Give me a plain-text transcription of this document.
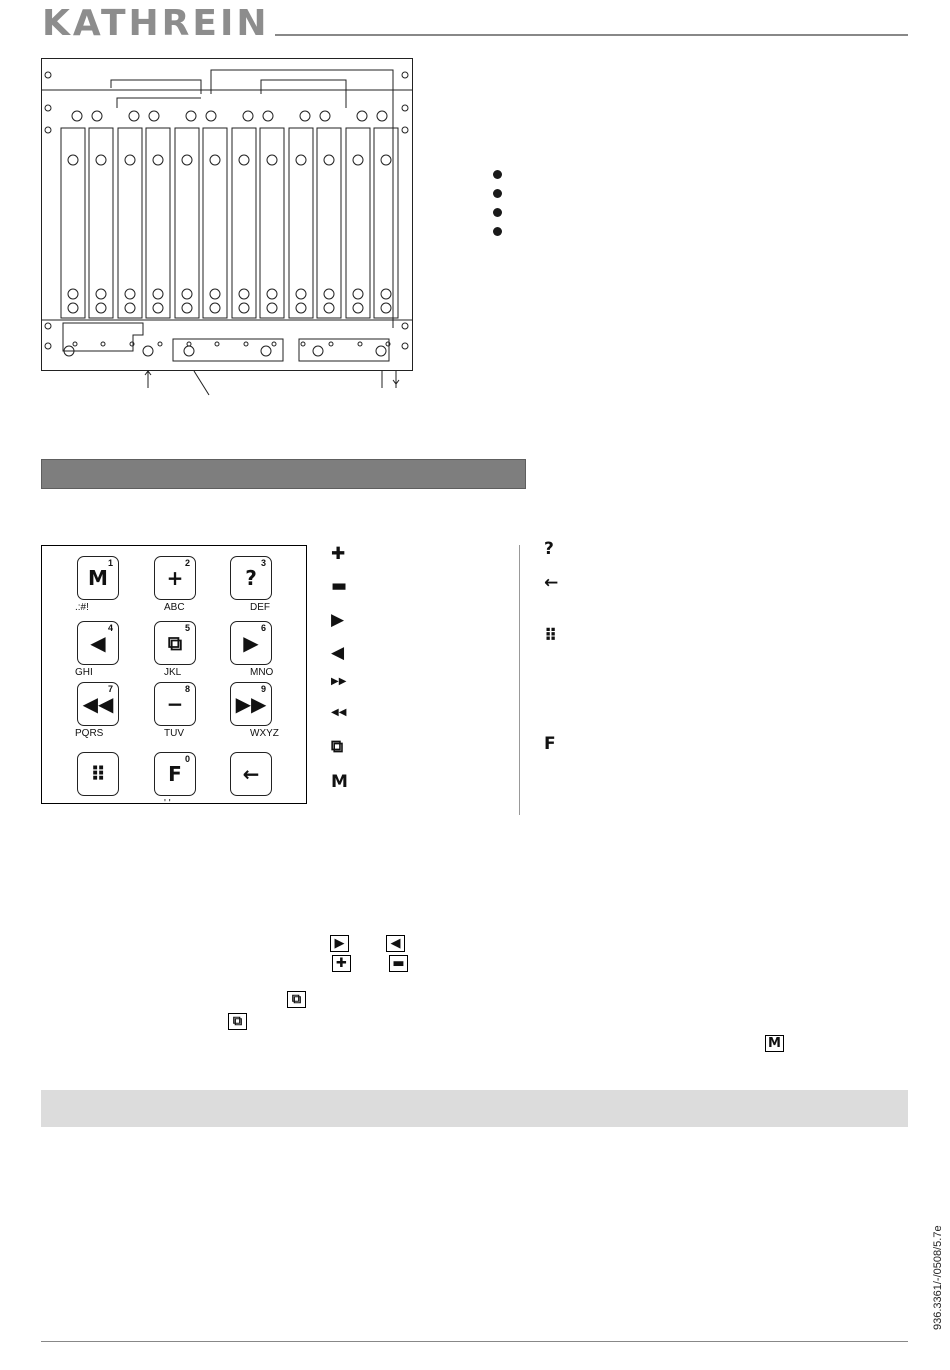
KATHREIN
M
1
.:#!
+
2
ABC
?
3
DEF
◀
4
GHI
⧉
5
JKL
▶
6
MNO
◀◀
7
PQRS
−
8
TUV
▶▶
9
WXYZ
⠿	F
0
' '
←
✚
▬
▶
◀
▶▶
◀◀
⧉
M
?
←
⠿
F
▶	◀
✚	▬
⧉
⧉
M
936.3361/-/0508/5.7e
